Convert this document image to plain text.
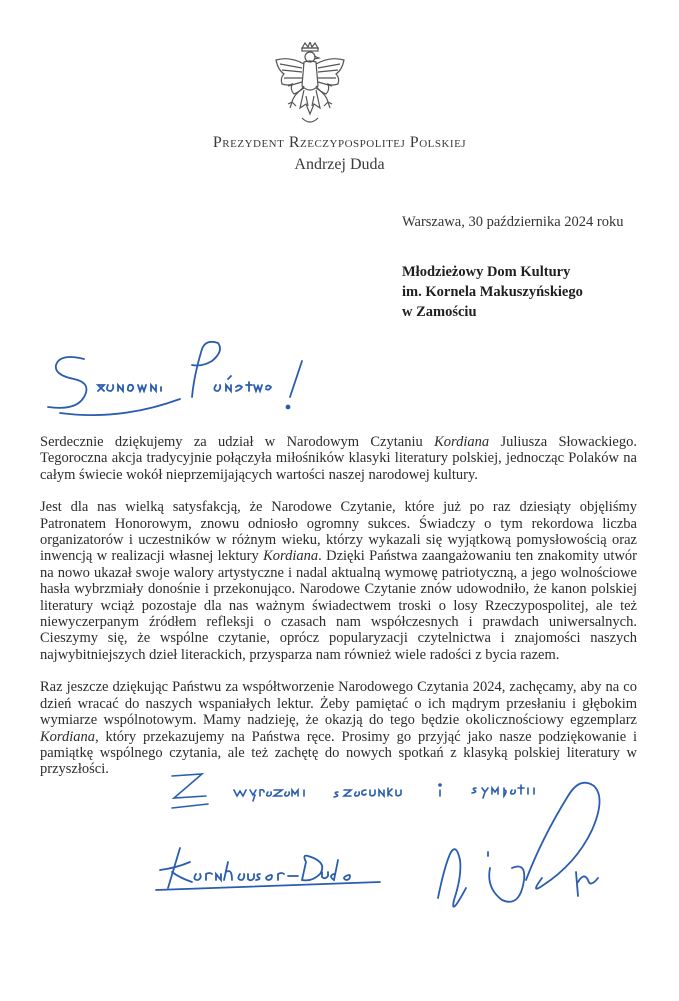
Prezydent Rzeczypospolitej Polskiej
Andrzej Duda
Warszawa, 30 października 2024 roku
Młodzieżowy Dom Kultury
im. Kornela Makuszyńskiego
w Zamościu

Serdecznie dziękujemy za udział w Narodowym Czytaniu Kordiana Juliusza Słowackiego. Tegoroczna akcja tradycyjnie połączyła miłośników klasyki literatury polskiej, jednocząc Polaków na całym świecie wokół nieprzemijających wartości naszej narodowej kultury.

Jest dla nas wielką satysfakcją, że Narodowe Czytanie, które już po raz dziesiąty objęliśmy Patronatem Honorowym, znowu odniosło ogromny sukces. Świadczy o tym rekordowa liczba organizatorów i uczestników w różnym wieku, którzy wykazali się wyjątkową pomysłowością oraz inwencją w realizacji własnej lektury Kordiana. Dzięki Państwa zaangażowaniu ten znakomity utwór na nowo ukazał swoje walory artystyczne i nadal aktualną wymowę patriotyczną, a jego wolnościowe hasła wybrzmiały donośnie i przekonująco. Narodowe Czytanie znów udowodniło, że kanon polskiej literatury wciąż pozostaje dla nas ważnym świadectwem troski o losy Rzeczypospolitej, ale też niewyczerpanym źródłem refleksji o czasach nam współczesnych i prawdach uniwersalnych. Cieszymy się, że wspólne czytanie, oprócz popularyzacji czytelnictwa i znajomości naszych najwybitniejszych dzieł literackich, przysparza nam również wiele radości z bycia razem.

Raz jeszcze dziękując Państwu za współtworzenie Narodowego Czytania 2024, zachęcamy, aby na co dzień wracać do naszych wspaniałych lektur. Żeby pamiętać o ich mądrym przesłaniu i głębokim wymiarze wspólnotowym. Mamy nadzieję, że okazją do tego będzie okolicznościowy egzemplarz Kordiana, który przekazujemy na Państwa ręce. Prosimy go przyjąć jako nasze podziękowanie i pamiątkę wspólnego czytania, ale też zachętę do nowych spotkań z klasyką polskiej literatury w przyszłości.
